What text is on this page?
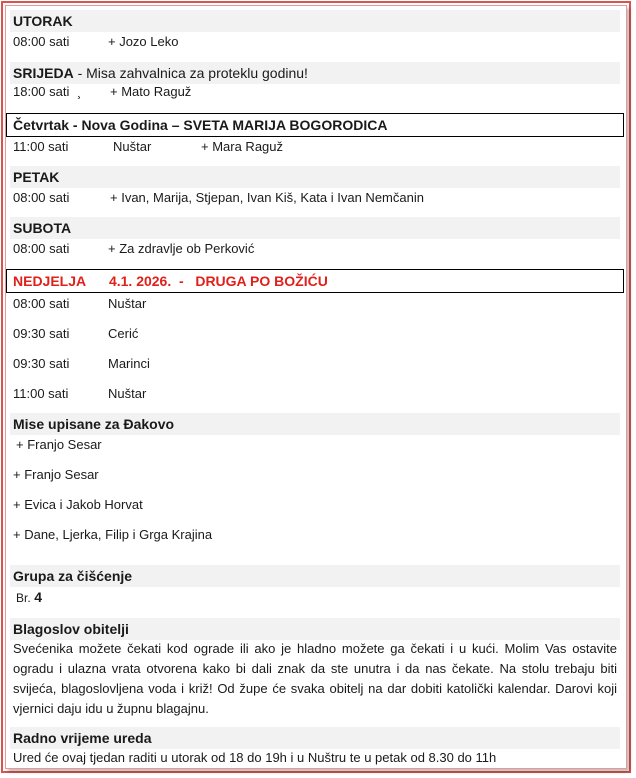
UTORAK
08:00 sati	+ Jozo Leko
SRIJEDA - Misa zahvalnica za proteklu godinu!
18:00 sati ¸ + Mato Raguž
Četvrtak - Nova Godina – SVETA MARIJA BOGORODICA
11:00 sati	Nuštar	+ Mara Raguž
PETAK
08:00 sati	+ Ivan, Marija, Stjepan, Ivan Kiš, Kata i Ivan Nemčanin
SUBOTA
08:00 sati	+ Za zdravlje ob Perković
NEDJELJA      4.1. 2026.  -   DRUGA PO BOŽIĆU
08:00 sati	Nuštar
09:30 sati	Cerić
09:30 sati	Marinci
11:00 sati	Nuštar
Mise upisane za Đakovo
+ Franjo Sesar
+ Franjo Sesar
+ Evica i Jakob Horvat
+ Dane, Ljerka, Filip i Grga Krajina
Grupa za čišćenje
Br. 4
Blagoslov obitelji
Svećenika možete čekati kod ograde ili ako je hladno možete ga čekati i u kući. Molim Vas ostavite ogradu i ulazna vrata otvorena kako bi dali znak da ste unutra i da nas čekate. Na stolu trebaju biti svijeća, blagoslovljena voda i križ! Od župe će svaka obitelj na dar dobiti katolički kalendar. Darovi koji vjernici daju idu u župnu blagajnu.
Radno vrijeme ureda
Ured će ovaj tjedan raditi u utorak od 18 do 19h i u Nuštru te u petak od 8.30 do 11h
